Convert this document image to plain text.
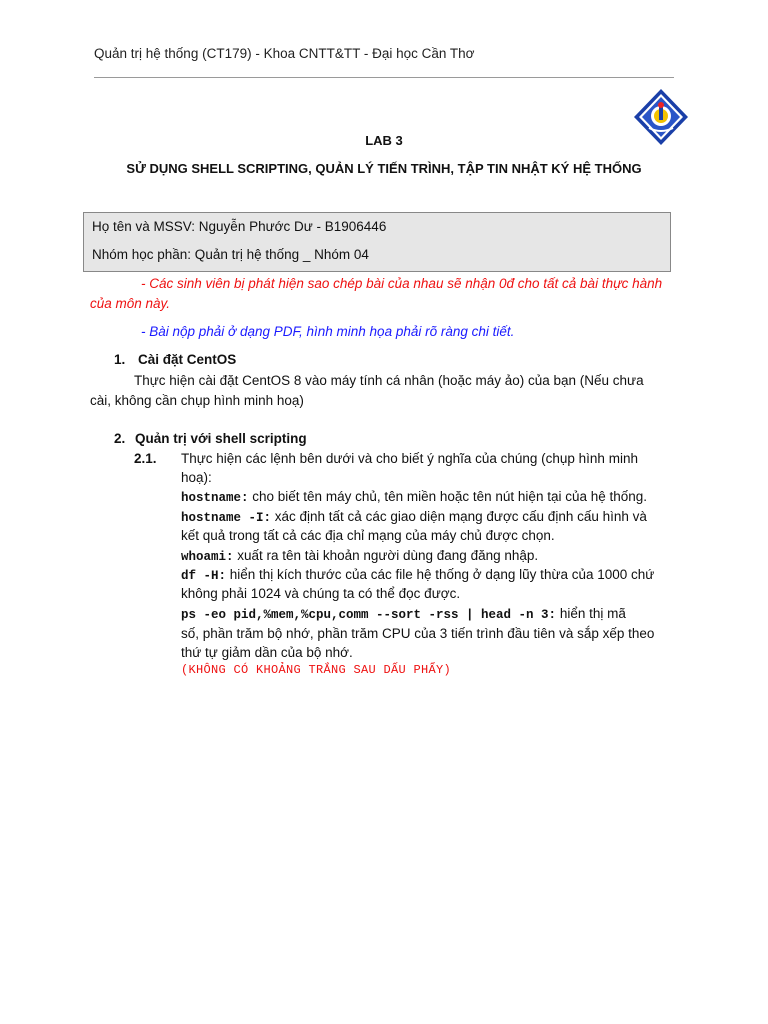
Quản trị hệ thống (CT179) - Khoa CNTT&TT - Đại học Cần Thơ
LAB 3
SỬ DỤNG SHELL SCRIPTING, QUẢN LÝ TIẾN TRÌNH, TẬP TIN NHẬT KÝ HỆ THỐNG
Họ tên và MSSV: Nguyễn Phước Dư - B1906446
Nhóm học phần: Quản trị hệ thống _ Nhóm 04
- Các sinh viên bị phát hiện sao chép bài của nhau sẽ nhận 0đ cho tất cả bài thực hành
của môn này.
- Bài nộp phải ở dạng PDF, hình minh họa phải rõ ràng chi tiết.
1. Cài đặt CentOS
Thực hiện cài đặt CentOS 8 vào máy tính cá nhân (hoặc máy ảo) của bạn (Nếu chưa
cài, không cần chụp hình minh hoạ)
2. Quản trị với shell scripting
2.1. Thực hiện các lệnh bên dưới và cho biết ý nghĩa của chúng (chụp hình minh
hoạ):
hostname: cho biết tên máy chủ, tên miền hoặc tên nút hiện tại của hệ thống.
hostname -I: xác định tất cả các giao diện mạng được cấu định cấu hình và
kết quả trong tất cả các địa chỉ mạng của máy chủ được chọn.
whoami: xuất ra tên tài khoản người dùng đang đăng nhập.
df -H: hiển thị kích thước của các file hệ thống ở dạng lũy thừa của 1000 chứ
không phải 1024 và chúng ta có thể đọc được.
ps -eo pid,%mem,%cpu,comm --sort -rss | head -n 3: hiển thị mã
số, phần trăm bộ nhớ, phần trăm CPU của 3 tiến trình đầu tiên và sắp xếp theo
thứ tự giảm dần của bộ nhớ.
(KHÔNG CÓ KHOẢNG TRẮNG SAU DẤU PHẨY)
